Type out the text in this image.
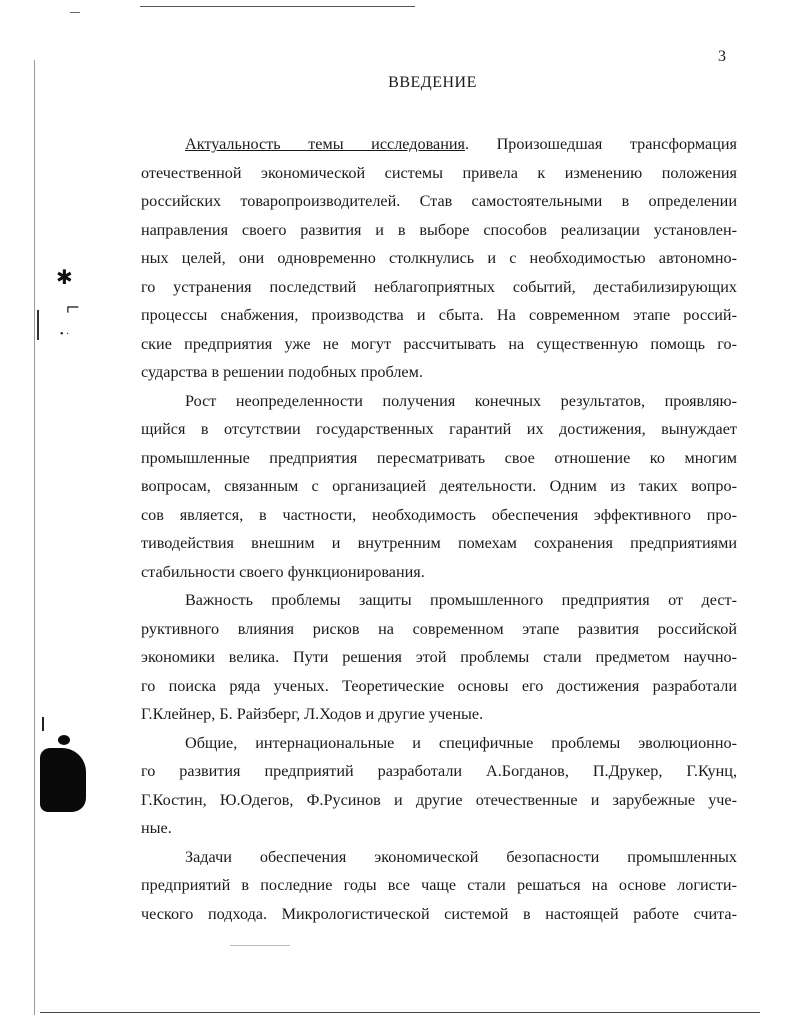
✱
⌐
• ·
3
ВВЕДЕНИЕ
Актуальность темы исследования. Произошедшая трансформация
отечественной экономической системы привела к изменению положения
российских товаропроизводителей. Став самостоятельными в определении
направления своего развития и в выборе способов реализации установлен-
ных целей, они одновременно столкнулись и с необходимостью автономно-
го устранения последствий неблагоприятных событий, дестабилизирующих
процессы снабжения, производства и сбыта. На современном этапе россий-
ские предприятия уже не могут рассчитывать на существенную помощь го-
сударства в решении подобных проблем.
Рост неопределенности получения конечных результатов, проявляю-
щийся в отсутствии государственных гарантий их достижения, вынуждает
промышленные предприятия пересматривать свое отношение ко многим
вопросам, связанным с организацией деятельности. Одним из таких вопро-
сов является, в частности, необходимость обеспечения эффективного про-
тиводействия внешним и внутренним помехам сохранения предприятиями
стабильности своего функционирования.
Важность проблемы защиты промышленного предприятия от дест-
руктивного влияния рисков на современном этапе развития российской
экономики велика. Пути решения этой проблемы стали предметом научно-
го поиска ряда ученых. Теоретические основы его достижения разработали
Г.Клейнер, Б. Райзберг, Л.Ходов и другие ученые.
Общие, интернациональные и специфичные проблемы эволюционно-
го развития предприятий разработали А.Богданов, П.Друкер, Г.Кунц,
Г.Костин, Ю.Одегов, Ф.Русинов и другие отечественные и зарубежные уче-
ные.
Задачи обеспечения экономической безопасности промышленных
предприятий в последние годы все чаще стали решаться на основе логисти-
ческого подхода. Микрологистической системой в настоящей работе счита-
